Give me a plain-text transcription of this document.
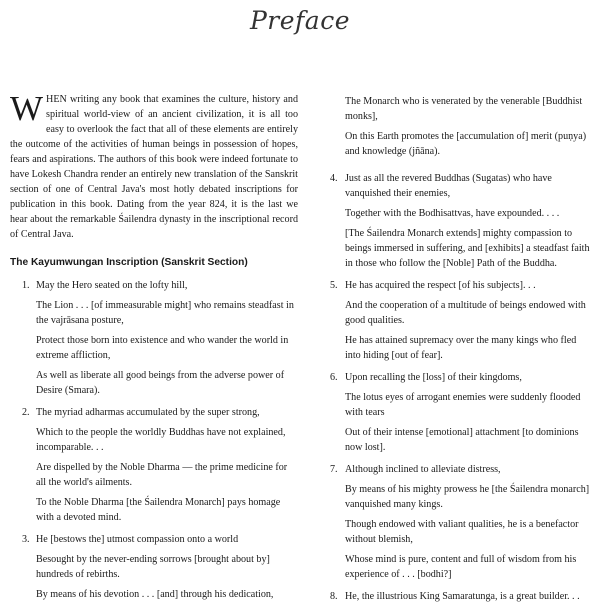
Preface

WHEN writing any book that examines the culture, history and spiritual world-view of an ancient civilization, it is all too easy to overlook the fact that all of these elements are entirely the outcome of the activities of human beings in possession of hopes, fears and aspirations. The authors of this book were indeed fortunate to have Lokesh Chandra render an entirely new translation of the Sanskrit section of one of Central Java's most hotly debated inscriptions for publication in this book. Dating from the year 824, it is the last we hear about the remarkable Śailendra dynasty in the inscriptional record of Central Java.

The Kayumwungan Inscription (Sanskrit Section)
1. May the Hero seated on the lofty hill,
The Lion . . . [of immeasurable might] who remains steadfast in the vajrāsana posture,
Protect those born into existence and who wander the world in extreme affliction,
As well as liberate all good beings from the adverse power of Desire (Smara).
2. The myriad adharmas accumulated by the super strong,
Which to the people the worldly Buddhas have not explained, incomparable. . .
Are dispelled by the Noble Dharma — the prime medicine for all the world's ailments.
To the Noble Dharma [the Śailendra Monarch] pays homage with a devoted mind.
3. He [bestows the] utmost compassion onto a world
Besought by the never-ending sorrows [brought about by] hundreds of rebirths.
By means of his devotion . . . [and] through his dedication,
The Monarch who is venerated by the venerable [Buddhist monks],
On this Earth promotes the [accumulation of] merit (puṇya) and knowledge (jñāna).
4. Just as all the revered Buddhas (Sugatas) who have vanquished their enemies,
Together with the Bodhisattvas, have expounded. . . .
[The Śailendra Monarch extends] mighty compassion to beings immersed in suffering, and [exhibits] a steadfast faith in those who follow the [Noble] Path of the Buddha.
5. He has acquired the respect [of his subjects]. . .
And the cooperation of a multitude of beings endowed with good qualities.
He has attained supremacy over the many kings who fled into hiding [out of fear].
6. Upon recalling the [loss] of their kingdoms,
The lotus eyes of arrogant enemies were suddenly flooded with tears
Out of their intense [emotional] attachment [to dominions now lost].
7. Although inclined to alleviate distress,
By means of his mighty prowess he [the Śailendra monarch] vanquished many kings.
Though endowed with valiant qualities, he is a benefactor without blemish,
Whose mind is pure, content and full of wisdom from his experience of . . . [bodhi?]
8. He, the illustrious King Samaratunga, is a great builder. . .
